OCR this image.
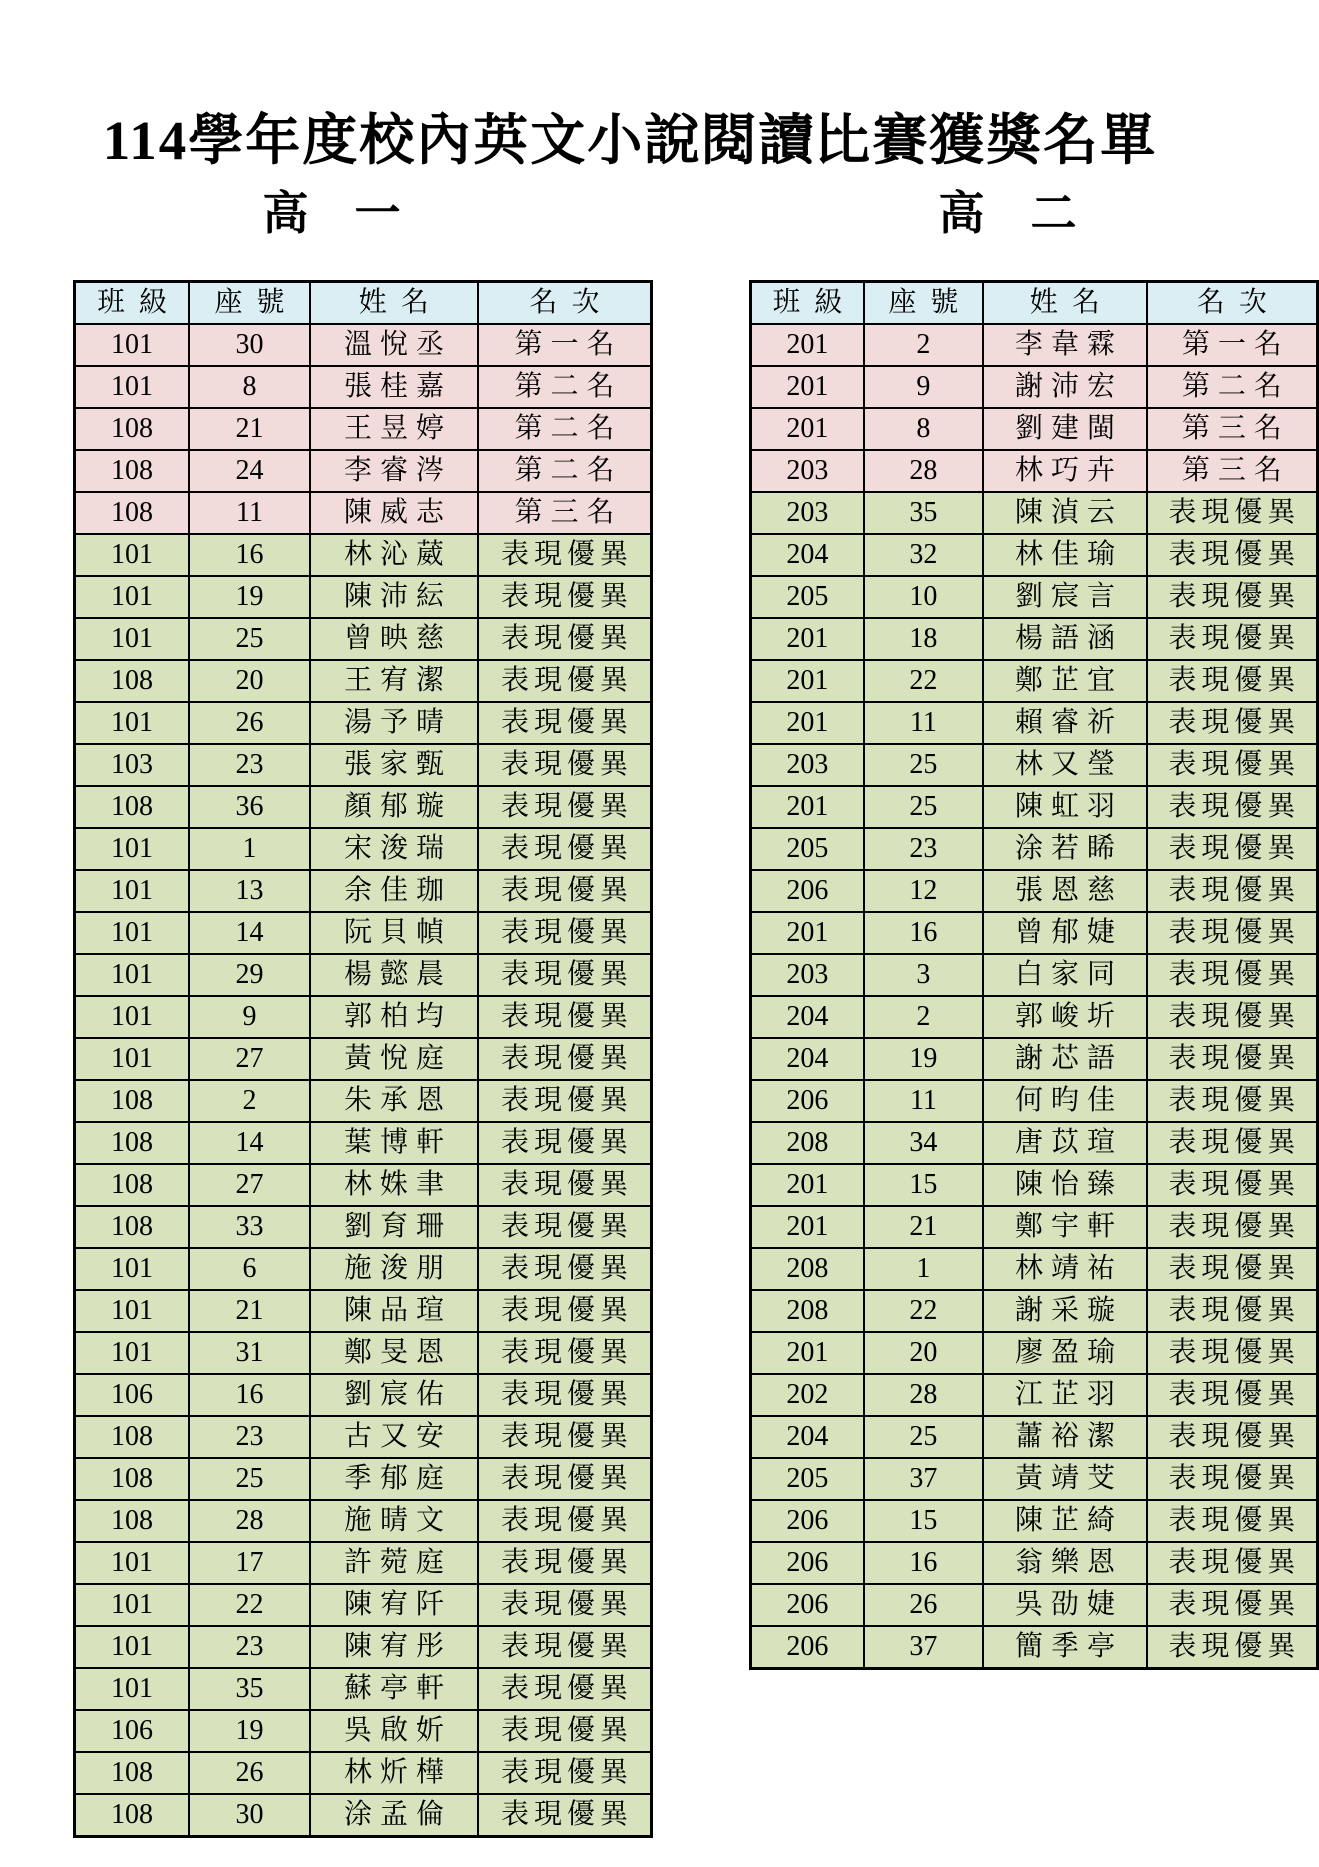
114學年度校內英文小說閱讀比賽獲獎名單
高　一	高　二
班級	座號	姓名	名次
101	30	溫悅丞	第一名
101	8	張桂嘉	第二名
108	21	王昱婷	第二名
108	24	李睿涔	第二名
108	11	陳威志	第三名
101	16	林沁葳	表現優異
101	19	陳沛紜	表現優異
101	25	曾映慈	表現優異
108	20	王宥潔	表現優異
101	26	湯予晴	表現優異
103	23	張家甄	表現優異
108	36	顏郁璇	表現優異
101	1	宋浚瑞	表現優異
101	13	余佳珈	表現優異
101	14	阮貝幀	表現優異
101	29	楊懿晨	表現優異
101	9	郭柏均	表現優異
101	27	黃悅庭	表現優異
108	2	朱承恩	表現優異
108	14	葉博軒	表現優異
108	27	林姝聿	表現優異
108	33	劉育珊	表現優異
101	6	施浚朋	表現優異
101	21	陳品瑄	表現優異
101	31	鄭旻恩	表現優異
106	16	劉宸佑	表現優異
108	23	古又安	表現優異
108	25	季郁庭	表現優異
108	28	施晴文	表現優異
101	17	許菀庭	表現優異
101	22	陳宥阡	表現優異
101	23	陳宥彤	表現優異
101	35	蘇亭軒	表現優異
106	19	吳啟妡	表現優異
108	26	林炘樺	表現優異
108	30	涂孟倫	表現優異
班級	座號	姓名	名次
201	2	李韋霖	第一名
201	9	謝沛宏	第二名
201	8	劉建閩	第三名
203	28	林巧卉	第三名
203	35	陳湞云	表現優異
204	32	林佳瑜	表現優異
205	10	劉宸言	表現優異
201	18	楊語涵	表現優異
201	22	鄭芷宜	表現優異
201	11	賴睿祈	表現優異
203	25	林又瑩	表現優異
201	25	陳虹羽	表現優異
205	23	涂若睎	表現優異
206	12	張恩慈	表現優異
201	16	曾郁婕	表現優異
203	3	白家同	表現優異
204	2	郭峻圻	表現優異
204	19	謝芯語	表現優異
206	11	何昀佳	表現優異
208	34	唐苡瑄	表現優異
201	15	陳怡臻	表現優異
201	21	鄭宇軒	表現優異
208	1	林靖祐	表現優異
208	22	謝采璇	表現優異
201	20	廖盈瑜	表現優異
202	28	江芷羽	表現優異
204	25	蕭裕潔	表現優異
205	37	黃靖芠	表現優異
206	15	陳芷綺	表現優異
206	16	翁樂恩	表現優異
206	26	吳劭婕	表現優異
206	37	簡季亭	表現優異
